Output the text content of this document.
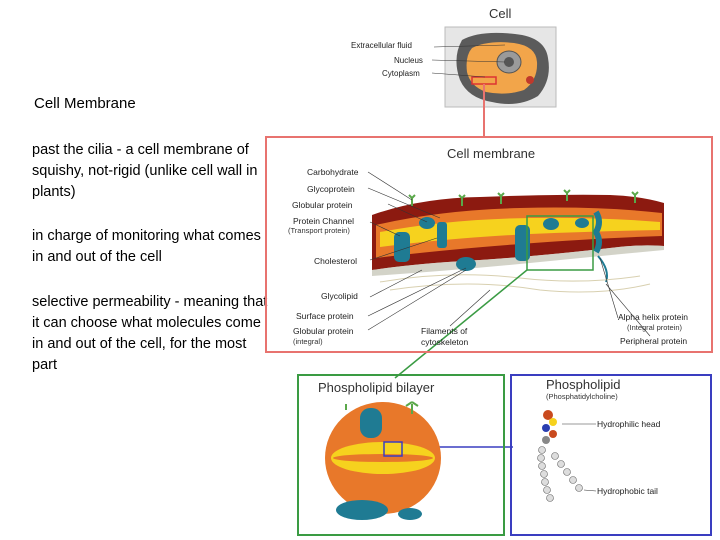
Cell Membrane
past the cilia - a cell membrane of squishy, not-rigid (unlike cell wall in plants)
in charge of monitoring what comes in and out of the cell
selective permeability - meaning that it can choose what molecules come in and out of the cell, for the most part
Cell
Extracellular fluid
Nucleus
Cytoplasm
Cell membrane
Carbohydrate
Glycoprotein
Globular protein
Protein Channel
(Transport protein)
Cholesterol
Glycolipid
Surface protein
Globular protein
(integral)
Filaments of
cytoskeleton
Alpha helix protein
(Integral protein)
Peripheral protein
Phospholipid bilayer	Phospholipid
(Phosphatidylcholine)
Hydrophilic head
Hydrophobic tail
